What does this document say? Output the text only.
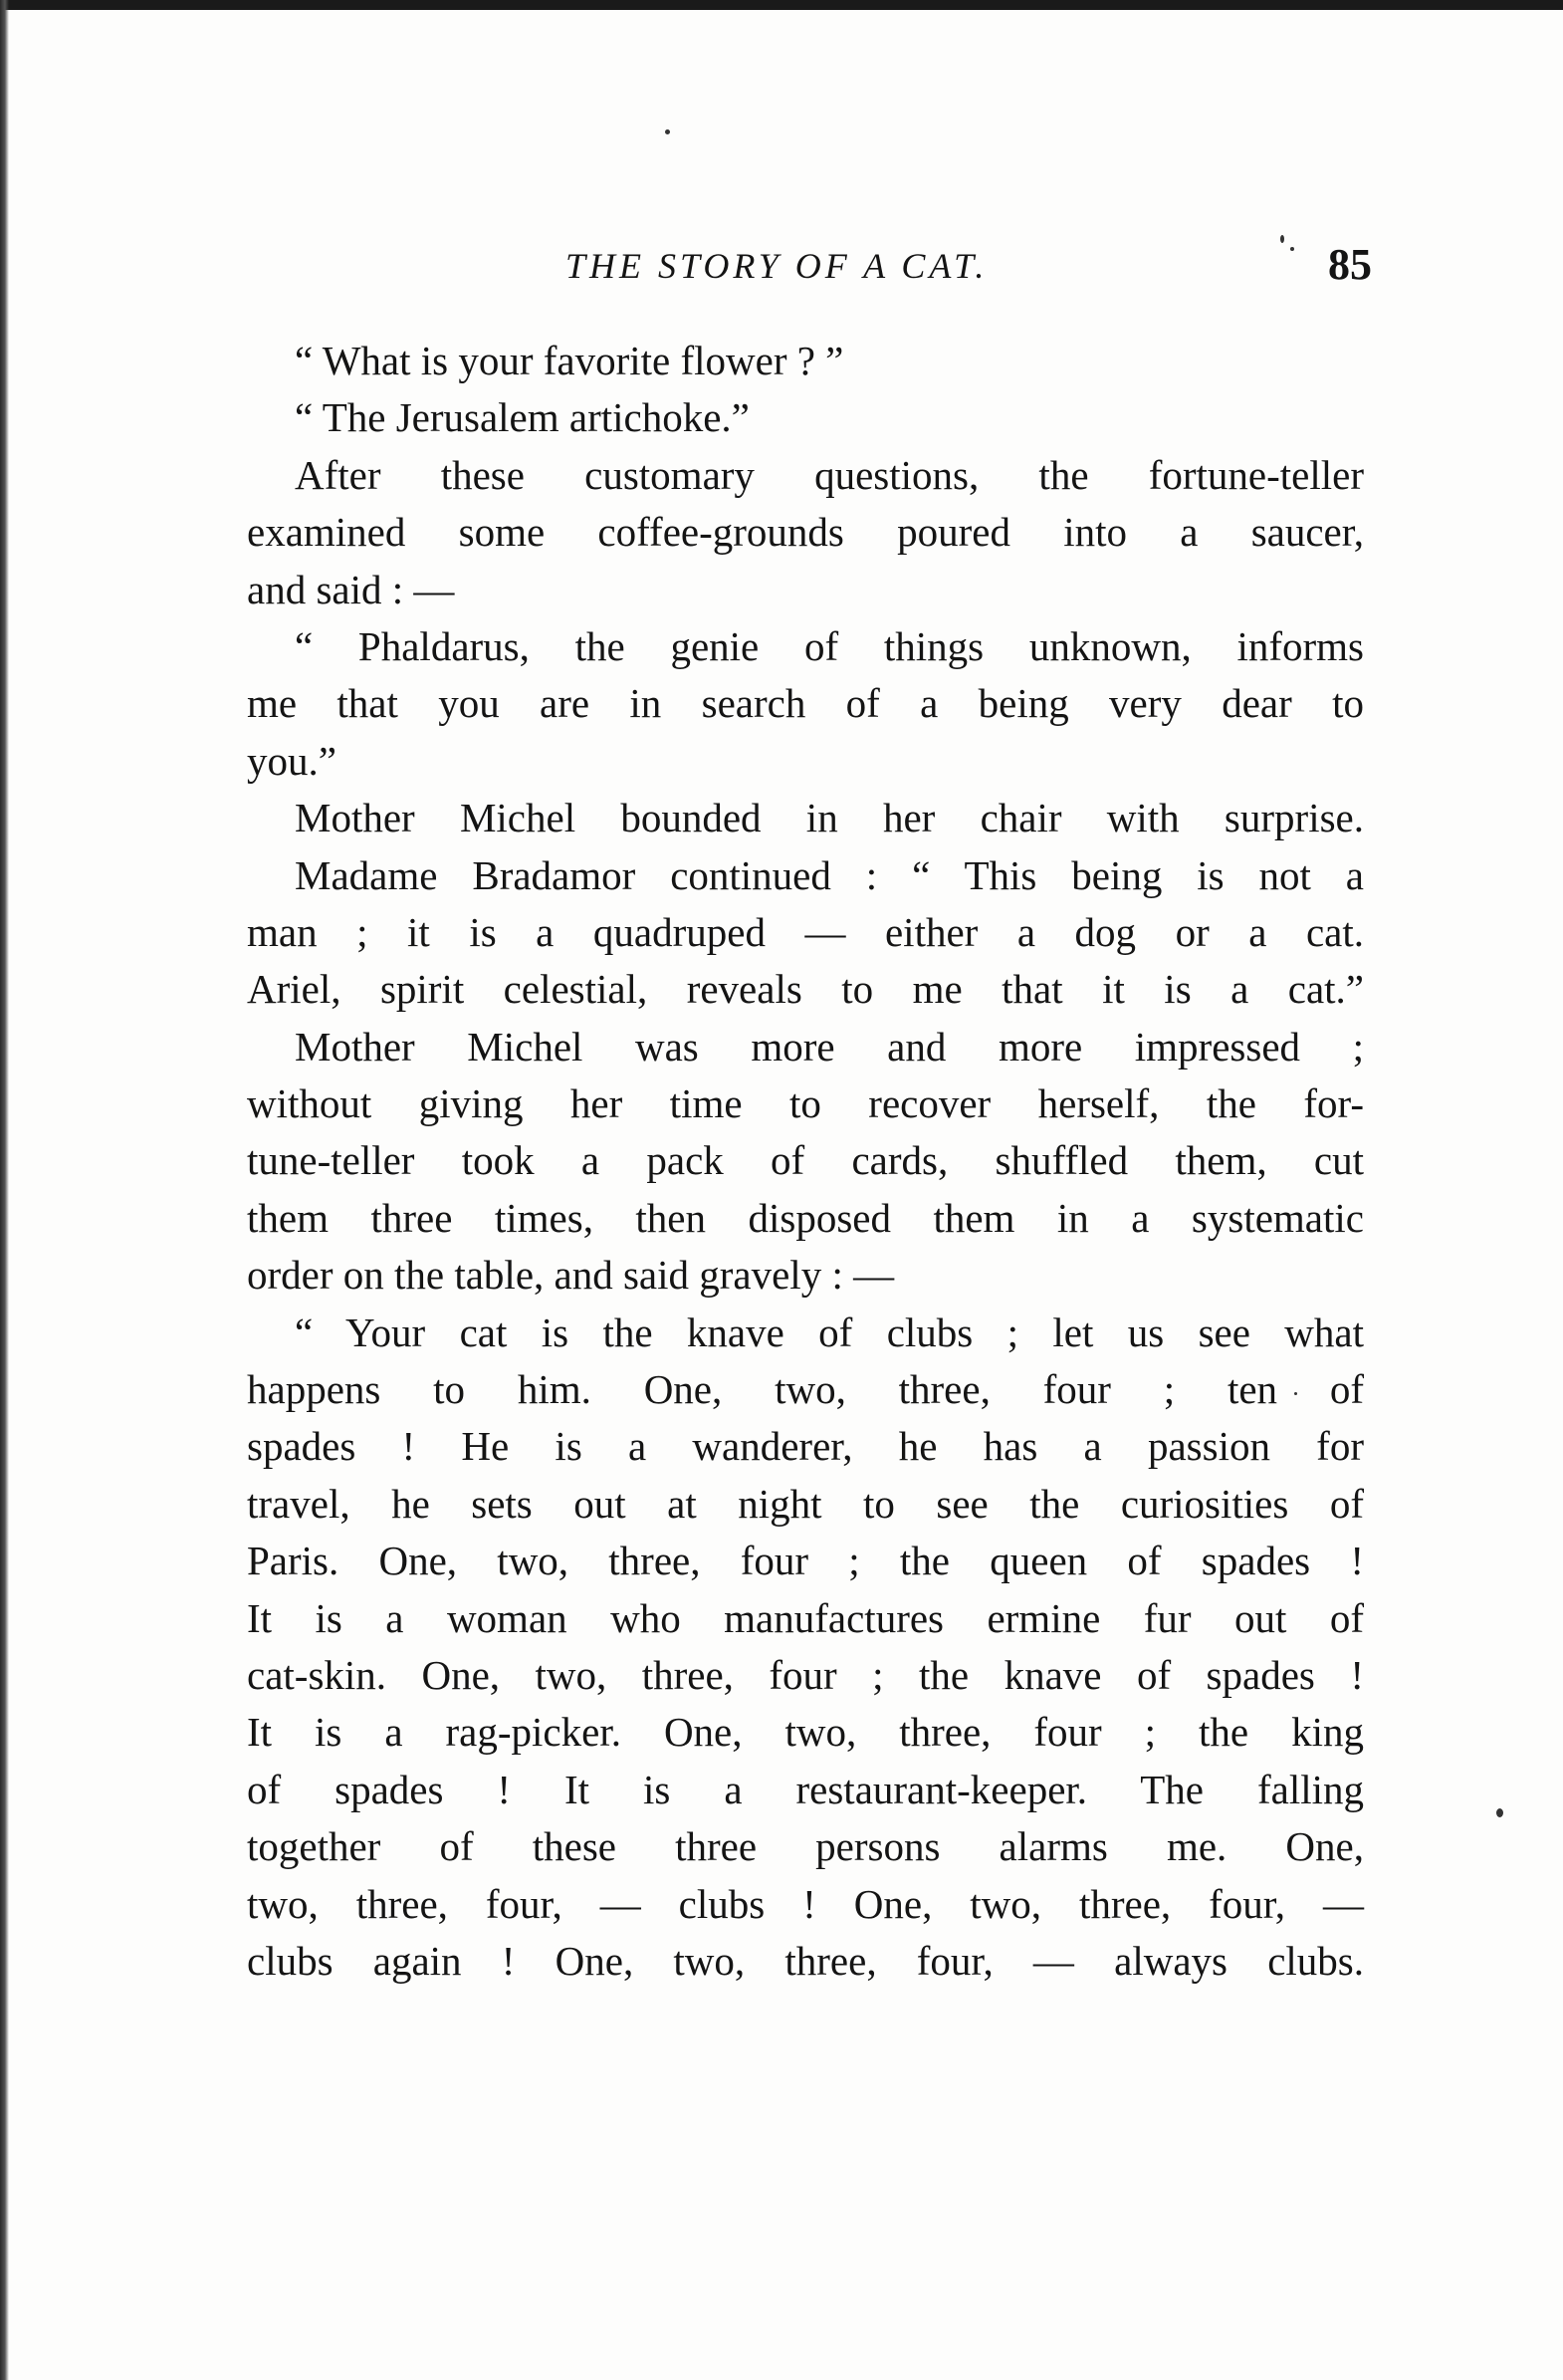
THE STORY OF A CAT.	85
“ What is your favorite flower ? ”
“ The Jerusalem artichoke.”
After these customary questions, the fortune-teller
examined some coffee-grounds poured into a saucer,
and said : —
“ Phaldarus, the genie of things unknown, informs
me that you are in search of a being very dear to
you.”
Mother Michel bounded in her chair with surprise.
Madame Bradamor continued : “ This being is not a
man ; it is a quadruped — either a dog or a cat.
Ariel, spirit celestial, reveals to me that it is a cat.”
Mother Michel was more and more impressed ;
without giving her time to recover herself, the for-
tune-teller took a pack of cards, shuffled them, cut
them three times, then disposed them in a systematic
order on the table, and said gravely : —
“ Your cat is the knave of clubs ; let us see what
happens to him. One, two, three, four ; ten of
spades ! He is a wanderer, he has a passion for
travel, he sets out at night to see the curiosities of
Paris. One, two, three, four ; the queen of spades !
It is a woman who manufactures ermine fur out of
cat-skin. One, two, three, four ; the knave of spades !
It is a rag-picker. One, two, three, four ; the king
of spades ! It is a restaurant-keeper. The falling
together of these three persons alarms me. One,
two, three, four, — clubs ! One, two, three, four, —
clubs again ! One, two, three, four, — always clubs.
